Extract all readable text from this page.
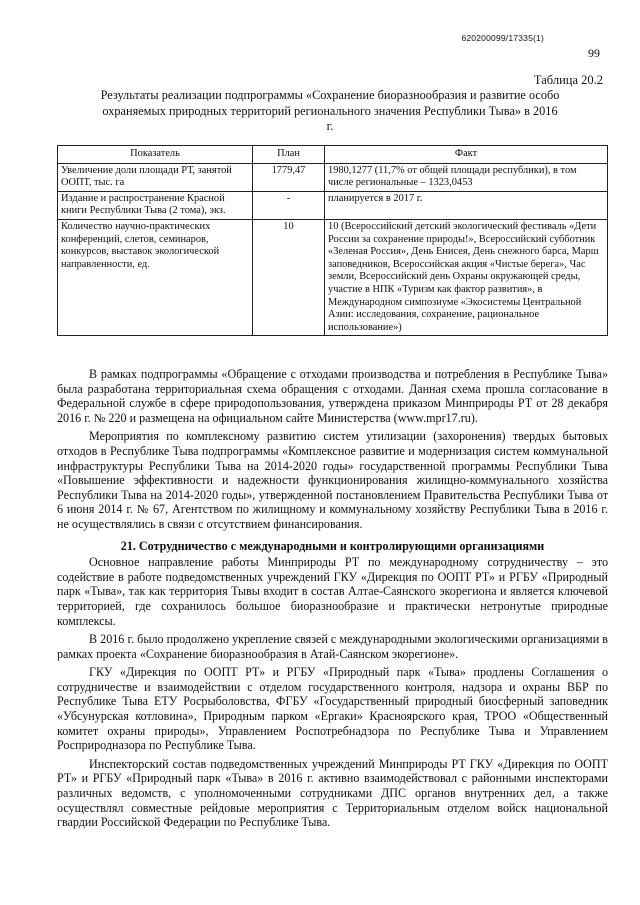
620200099/17335(1)
99
Таблица 20.2
Результаты реализации подпрограммы «Сохранение биоразнообразия и развитие особо охраняемых природных территорий регионального значения Республики Тыва» в 2016 г.
Показатель	План	Факт
Увеличение доли площади РТ, занятой ООПТ, тыс. га	1779,47	1980,1277 (11,7% от общей площади республики), в том числе региональные – 1323,0453
Издание и распространение Красной книги Республики Тыва (2 тома), экз.	-	планируется в 2017 г.
Количество научно-практических конференций, слетов, семинаров, конкурсов, выставок экологической направленности, ед.	10	10 (Всероссийский детский экологический фестиваль «Дети России за сохранение природы!», Всероссийский субботник «Зеленая Россия», День Енисея, День снежного барса, Марш заповедников, Всероссийская акция «Чистые берега», Час земли, Всероссийский день Охраны окружающей среды, участие в НПК «Туризм как фактор развития», в Международном симпозиуме «Экосистемы Центральной Азии: исследования, сохранение, рациональное использование»)

В рамках подпрограммы «Обращение с отходами производства и потребления в Республике Тыва» была разработана территориальная схема обращения с отходами. Данная схема прошла согласование в Федеральной службе в сфере природопользования, утверждена приказом Минприроды РТ от 28 декабря 2016 г. № 220 и размещена на официальном сайте Министерства (www.mpr17.ru).

Мероприятия по комплексному развитию систем утилизации (захоронения) твердых бытовых отходов в Республике Тыва подпрограммы «Комплексное развитие и модернизация систем коммунальной инфраструктуры Республики Тыва на 2014-2020 годы» государственной программы Республики Тыва «Повышение эффективности и надежности функционирования жилищно-коммунального хозяйства Республики Тыва на 2014-2020 годы», утвержденной постановлением Правительства Республики Тыва от 6 июня 2014 г. № 67, Агентством по жилищному и коммунальному хозяйству Республики Тыва в 2016 г. не осуществлялись в связи с отсутствием финансирования.

21. Сотрудничество с международными и контролирующими организациями

Основное направление работы Минприроды РТ по международному сотрудничеству – это содействие в работе подведомственных учреждений ГКУ «Дирекция по ООПТ РТ» и РГБУ «Природный парк «Тыва», так как территория Тывы входит в состав Алтае-Саянского экорегиона и является ключевой территорией, где сохранилось большое биоразнообразие и практически нетронутые природные комплексы.

В 2016 г. было продолжено укрепление связей с международными экологическими организациями в рамках проекта «Сохранение биоразнообразия в Атай-Саянском экорегионе».

ГКУ «Дирекция по ООПТ РТ» и РГБУ «Природный парк «Тыва» продлены Соглашения о сотрудничестве и взаимодействии с отделом государственного контроля, надзора и охраны ВБР по Республике Тыва ЕТУ Росрыболовства, ФГБУ «Государственный природный биосферный заповедник «Убсунурская котловина», Природным парком «Ергаки» Красноярского края, ТРОО «Общественный комитет охраны природы», Управлением Роспотребнадзора по Республике Тыва и Управлением Росприродназора по Республике Тыва.

Инспекторский состав подведомственных учреждений Минприроды РТ ГКУ «Дирекция по ООПТ РТ» и РГБУ «Природный парк «Тыва» в 2016 г. активно взаимодействовал с районными инспекторами различных ведомств, с уполномоченными сотрудниками ДПС органов внутренних дел, а также осуществлял совместные рейдовые мероприятия с Территориальным отделом войск национальной гвардии Российской Федерации по Республике Тыва.
